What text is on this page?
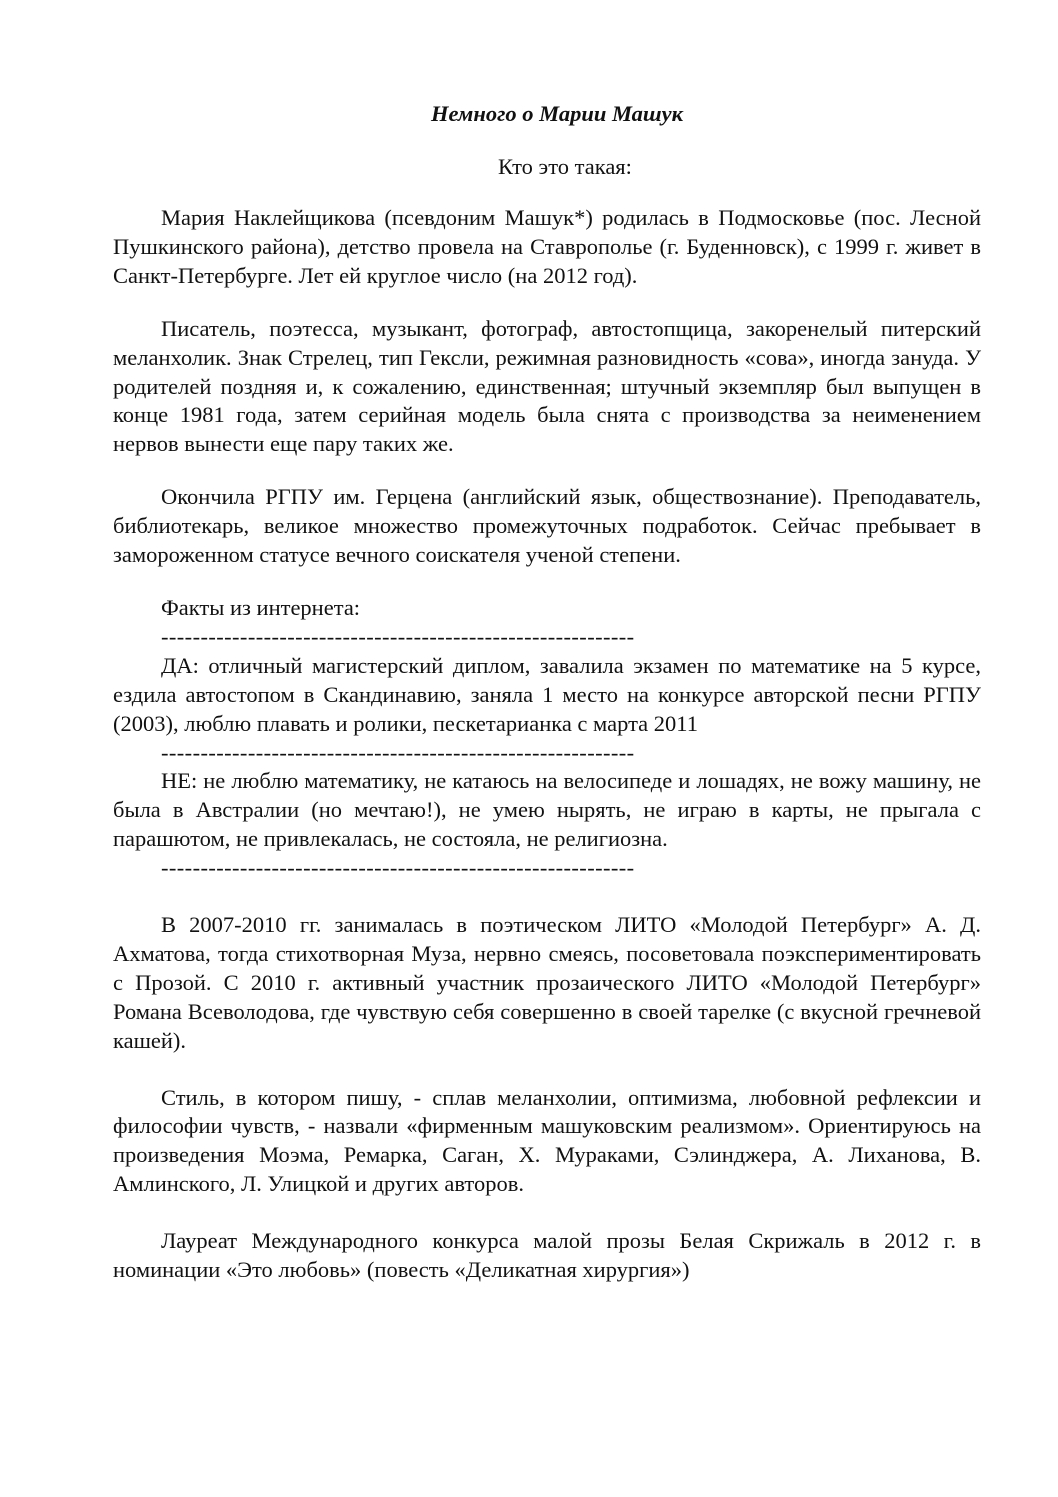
Немного о Марии Машук

Кто это такая:

Мария Наклейщикова (псевдоним Машук*) родилась в Подмосковье (пос. Лесной Пушкинского района), детство провела на Ставрополье (г. Буденновск), с 1999 г. живет в Санкт-Петербурге. Лет ей круглое число (на 2012 год).

Писатель, поэтесса, музыкант, фотограф, автостопщица, закоренелый питерский меланхолик. Знак Стрелец, тип Гексли, режимная разновидность «сова», иногда зануда. У родителей поздняя и, к сожалению, единственная; штучный экземпляр был выпущен в конце 1981 года, затем серийная модель была снята с производства за неименением нервов вынести еще пару таких же.

Окончила РГПУ им. Герцена (английский язык, обществознание). Преподаватель, библиотекарь, великое множество промежуточных подработок. Сейчас пребывает в замороженном статусе вечного соискателя ученой степени.

Факты из интернета:

------------------------------------------------------------

ДА: отличный магистерский диплом, завалила экзамен по математике на 5 курсе, ездила автостопом в Скандинавию, заняла 1 место на конкурсе авторской песни РГПУ (2003), люблю плавать и ролики, пескетарианка с марта 2011

------------------------------------------------------------

НЕ: не люблю математику, не катаюсь на велосипеде и лошадях, не вожу машину, не была в Австралии (но мечтаю!), не умею нырять, не играю в карты, не прыгала с парашютом, не привлекалась, не состояла, не религиозна.

------------------------------------------------------------

В 2007-2010 гг. занималась в поэтическом ЛИТО «Молодой Петербург» А. Д. Ахматова, тогда стихотворная Муза, нервно смеясь, посоветовала поэкспериментировать с Прозой. С 2010 г. активный участник прозаического ЛИТО «Молодой Петербург» Романа Всеволодова, где чувствую себя совершенно в своей тарелке (с вкусной гречневой кашей).

Стиль, в котором пишу, - сплав меланхолии, оптимизма, любовной рефлексии и философии чувств, - назвали «фирменным машуковским реализмом». Ориентируюсь на произведения Моэма, Ремарка, Саган, Х. Мураками, Сэлинджера, А. Лиханова, В. Амлинского, Л. Улицкой и других авторов.

Лауреат Международного конкурса малой прозы Белая Скрижаль в 2012 г. в номинации «Это любовь» (повесть «Деликатная хирургия»)
